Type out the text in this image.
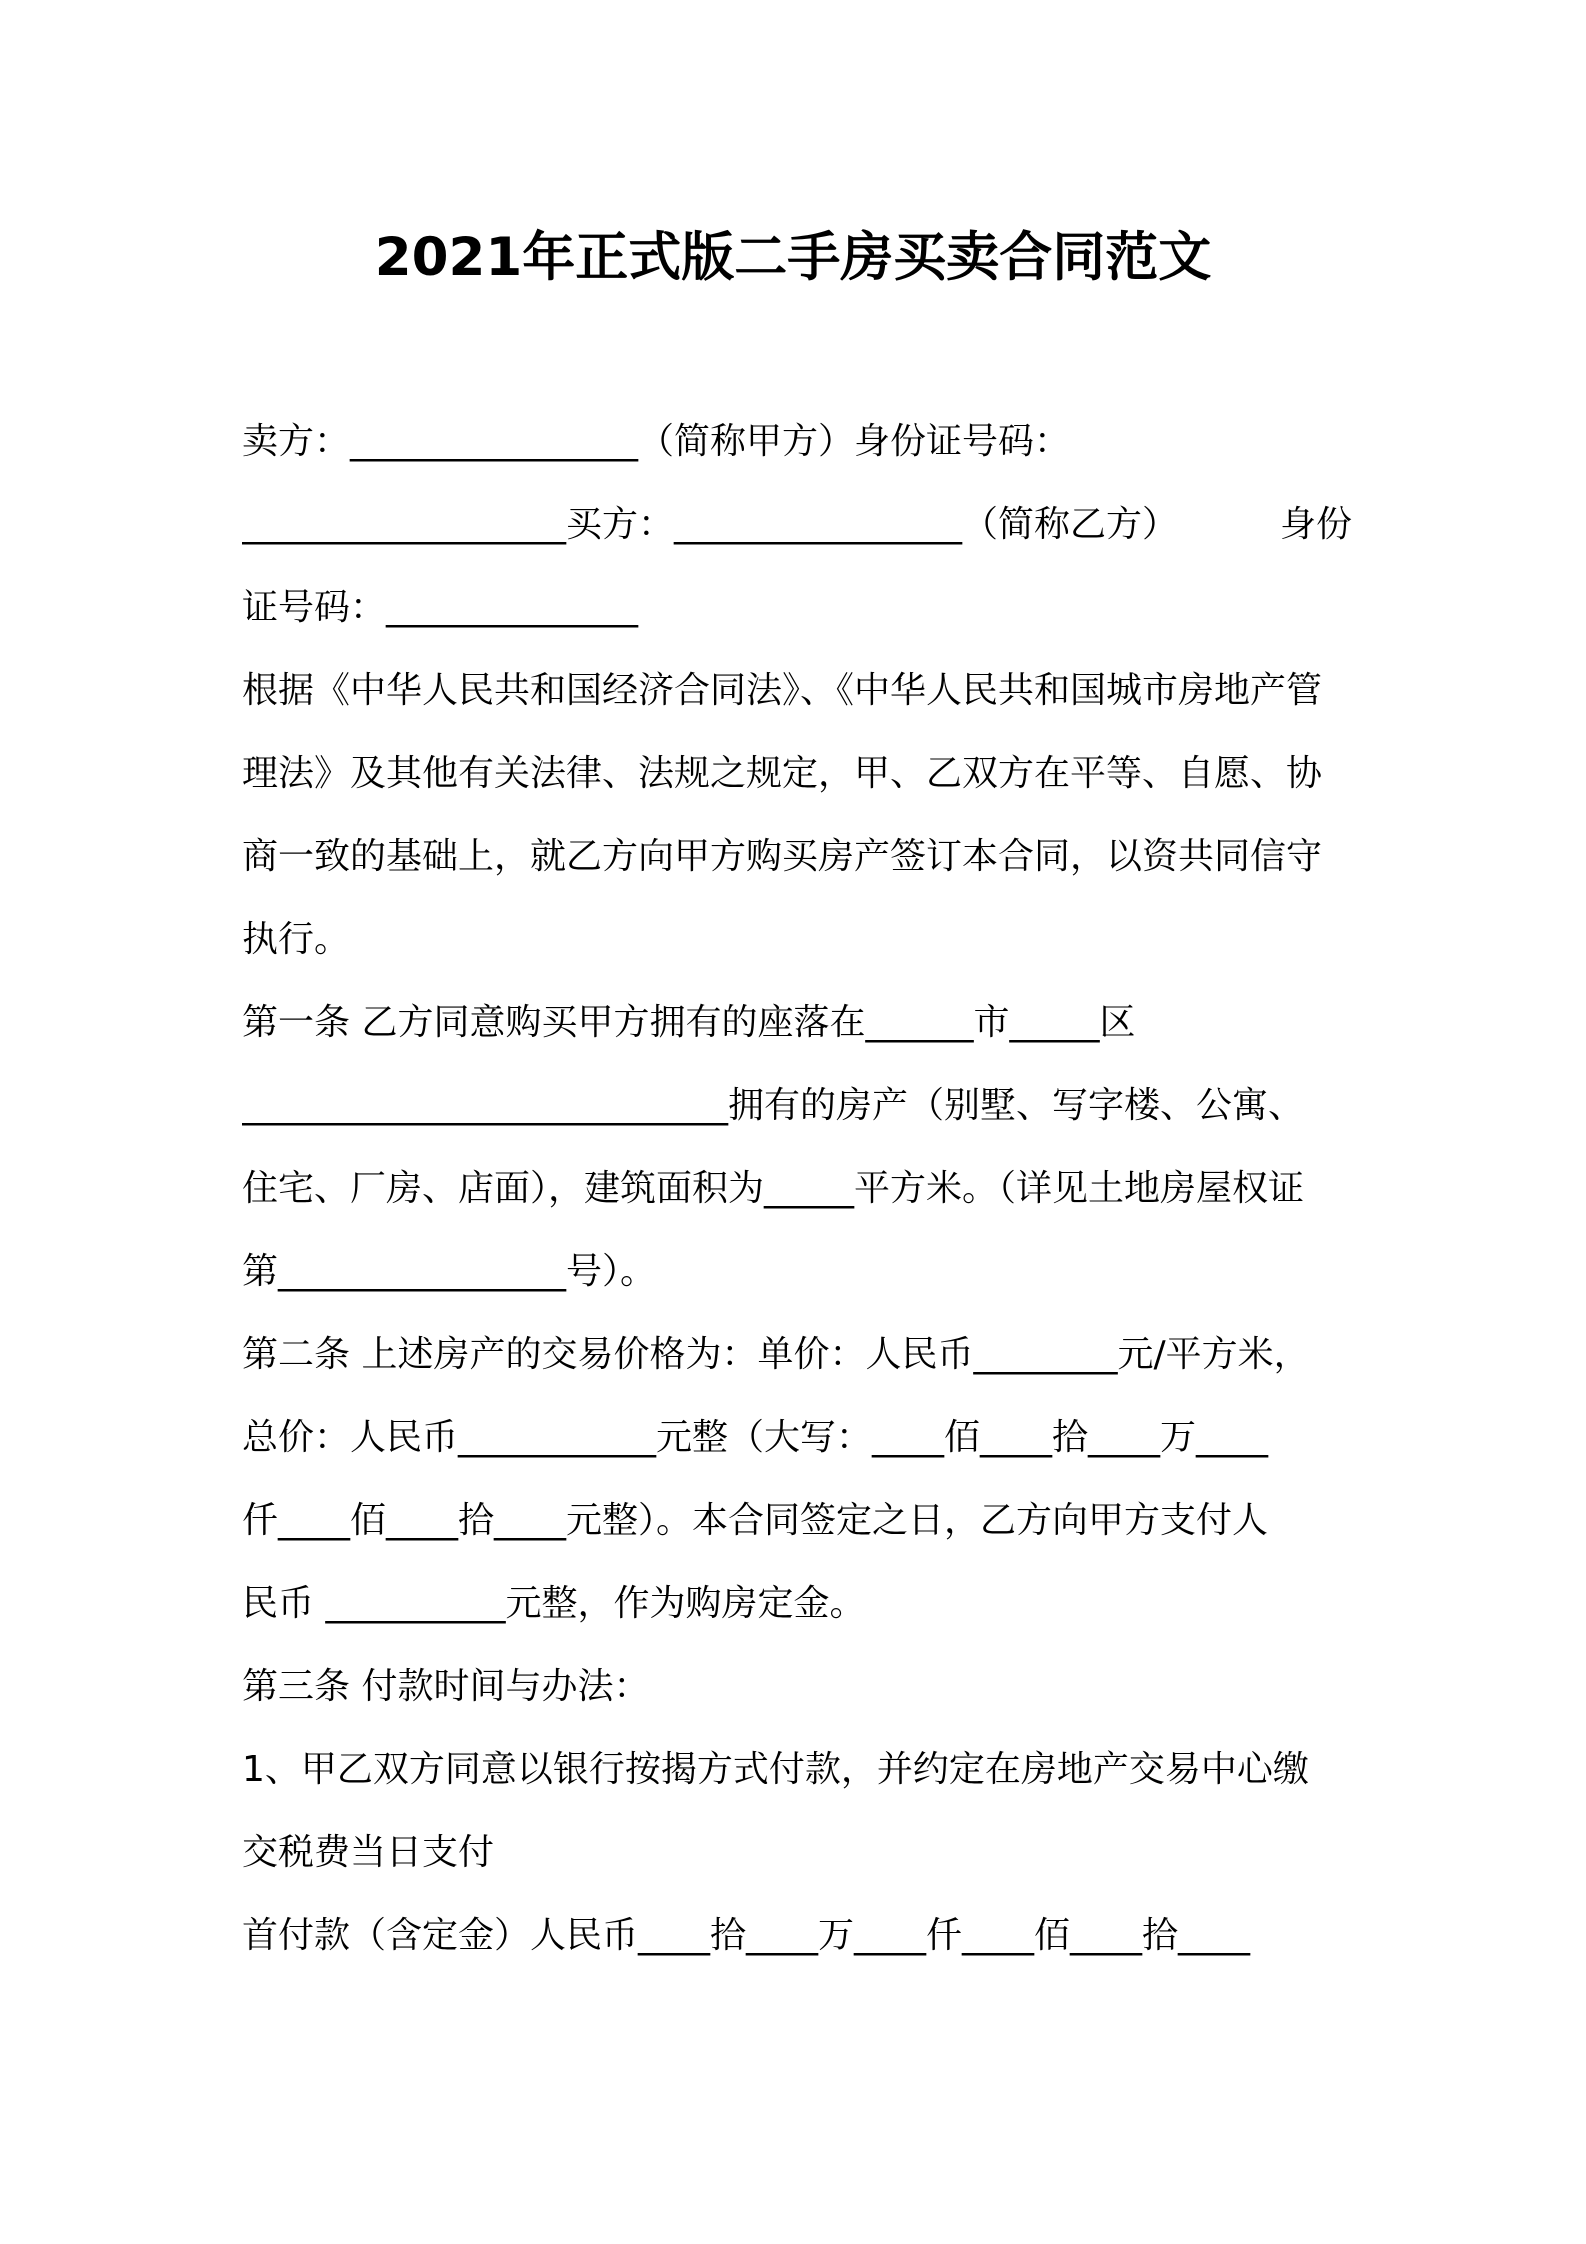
2021年正式版二手房买卖合同范文
卖方：________________（简称甲方）身份证号码：
__________________买方：________________（简称乙方）	身份
证号码：______________
根据《中华人民共和国经济合同法》、《中华人民共和国城市房地产管
理法》及其他有关法律、法规之规定，甲、乙双方在平等、自愿、协
商一致的基础上，就乙方向甲方购买房产签订本合同，以资共同信守
执行。
第一条 乙方同意购买甲方拥有的座落在______市_____区
___________________________拥有的房产（别墅、写字楼、公寓、
住宅、厂房、店面），建筑面积为_____平方米。（详见土地房屋权证
第________________号）。
第二条 上述房产的交易价格为：单价：人民币________元/平方米，
总价：人民币___________元整（大写：____佰____拾____万____
仟____佰____拾____元整）。本合同签定之日，乙方向甲方支付人
民币 __________元整，作为购房定金。
第三条 付款时间与办法：
1、甲乙双方同意以银行按揭方式付款，并约定在房地产交易中心缴
交税费当日支付
首付款（含定金）人民币____拾____万____仟____佰____拾____
